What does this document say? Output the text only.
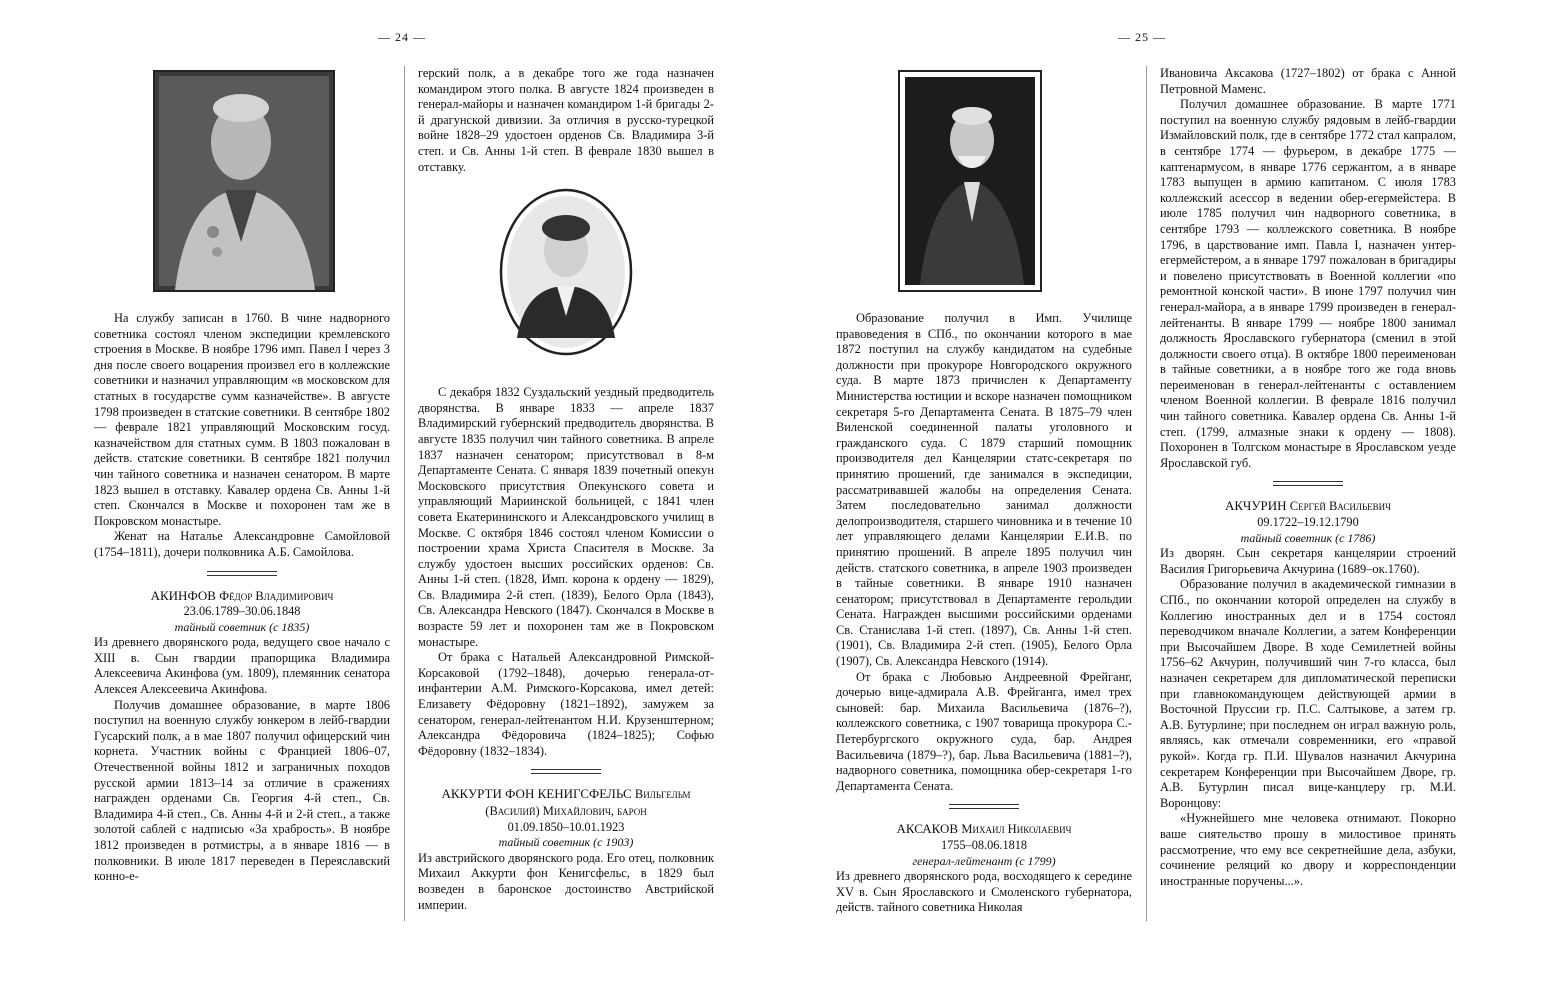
— 24 —	— 25 —

На службу записан в 1760. В чине надворного советника состоял членом экспедиции кремлевского строения в Москве. В ноябре 1796 имп. Павел I через 3 дня после своего воцарения произвел его в коллежские советники и назначил управляющим «в московском для статных в государстве сумм казначействе». В августе 1798 произведен в статские советники. В сентябре 1802 — феврале 1821 управляющий Московским госуд. казначейством для статных сумм. В 1803 пожалован в действ. статские советники. В сентябре 1821 получил чин тайного советника и назначен сенатором. В марте 1823 вышел в отставку. Кавалер ордена Св. Анны 1-й степ. Скончался в Москве и похоронен там же в Покровском монастыре.

Женат на Наталье Александровне Самойловой (1754–1811), дочери полковника А.Б. Самойлова.

АКИНФОВ Фёдор Владимирович
23.06.1789–30.06.1848
тайный советник (с 1835)

Из древнего дворянского рода, ведущего свое начало с XIII в. Сын гвардии прапорщика Владимира Алексеевича Акинфова (ум. 1809), племянник сенатора Алексея Алексеевича Акинфова.

Получив домашнее образование, в марте 1806 поступил на военную службу юнкером в лейб-гвардии Гусарский полк, а в мае 1807 получил офицерский чин корнета. Участник войны с Францией 1806–07, Отечественной войны 1812 и заграничных походов русской армии 1813–14 за отличие в сражениях награжден орденами Св. Георгия 4-й степ., Св. Владимира 4-й степ., Св. Анны 4-й и 2-й степ., а также золотой саблей с надписью «За храбрость». В ноябре 1812 произведен в ротмистры, а в январе 1816 — в полковники. В июле 1817 переведен в Переяславский конно-е-

герский полк, а в декабре того же года назначен командиром этого полка. В августе 1824 произведен в генерал-майоры и назначен командиром 1-й бригады 2-й драгунской дивизии. За отличия в русско-турецкой войне 1828–29 удостоен орденов Св. Владимира 3-й степ. и Св. Анны 1-й степ. В феврале 1830 вышел в отставку.

С декабря 1832 Суздальский уездный предводитель дворянства. В январе 1833 — апреле 1837 Владимирский губернский предводитель дворянства. В августе 1835 получил чин тайного советника. В апреле 1837 назначен сенатором; присутствовал в 8-м Департаменте Сената. С января 1839 почетный опекун Московского присутствия Опекунского совета и управляющий Мариинской больницей, с 1841 член совета Екатерининского и Александровского училищ в Москве. С октября 1846 состоял членом Комиссии о построении храма Христа Спасителя в Москве. За службу удостоен высших российских орденов: Св. Анны 1-й степ. (1828, Имп. корона к ордену — 1829), Св. Владимира 2-й степ. (1839), Белого Орла (1843), Св. Александра Невского (1847). Скончался в Москве в возрасте 59 лет и похоронен там же в Покровском монастыре.

От брака с Натальей Александровной Римской-Корсаковой (1792–1848), дочерью генерала-от-инфантерии А.М. Римского-Корсакова, имел детей: Елизавету Фёдоровну (1821–1892), замужем за сенатором, генерал-лейтенантом Н.И. Крузенштерном; Александра Фёдоровича (1824–1825); Софью Фёдоровну (1832–1834).

АККУРТИ ФОН КЕНИГСФЕЛЬС Вильгельм
(Василий) Михайлович, барон
01.09.1850–10.01.1923
тайный советник (с 1903)

Из австрийского дворянского рода. Его отец, полковник Михаил Аккурти фон Кенигсфельс, в 1829 был возведен в баронское достоинство Австрийской империи.

Образование получил в Имп. Училище правоведения в СПб., по окончании которого в мае 1872 поступил на службу кандидатом на судебные должности при прокуроре Новгородского окружного суда. В марте 1873 причислен к Департаменту Министерства юстиции и вскоре назначен помощником секретаря 5-го Департамента Сената. В 1875–79 член Виленской соединенной палаты уголовного и гражданского суда. С 1879 старший помощник производителя дел Канцелярии статс-секретаря по принятию прошений, где занимался в экспедиции, рассматривавшей жалобы на определения Сената. Затем последовательно занимал должности делопроизводителя, старшего чиновника и в течение 10 лет управляющего делами Канцелярии Е.И.В. по принятию прошений. В апреле 1895 получил чин действ. статского советника, в апреле 1903 произведен в тайные советники. В январе 1910 назначен сенатором; присутствовал в Департаменте герольдии Сената. Награжден высшими российскими орденами Св. Станислава 1-й степ. (1897), Св. Анны 1-й степ. (1901), Св. Владимира 2-й степ. (1905), Белого Орла (1907), Св. Александра Невского (1914).

От брака с Любовью Андреевной Фрейганг, дочерью вице-адмирала А.В. Фрейганга, имел трех сыновей: бар. Михаила Васильевича (1876–?), коллежского советника, с 1907 товарища прокурора С.-Петербургского окружного суда, бар. Андрея Васильевича (1879–?), бар. Льва Васильевича (1881–?), надворного советника, помощника обер-секретаря 1-го Департамента Сената.

АКСАКОВ Михаил Николаевич
1755–08.06.1818
генерал-лейтенант (с 1799)

Из древнего дворянского рода, восходящего к середине XV в. Сын Ярославского и Смоленского губернатора, действ. тайного советника Николая

Ивановича Аксакова (1727–1802) от брака с Анной Петровной Маменс.

Получил домашнее образование. В марте 1771 поступил на военную службу рядовым в лейб-гвардии Измайловский полк, где в сентябре 1772 стал капралом, в сентябре 1774 — фурьером, в декабре 1775 — каптенармусом, в январе 1776 сержантом, а в январе 1783 выпущен в армию капитаном. С июля 1783 коллежский асессор в ведении обер-егермейстера. В июле 1785 получил чин надворного советника, в сентябре 1793 — коллежского советника. В ноябре 1796, в царствование имп. Павла I, назначен унтер-егермейстером, а в январе 1797 пожалован в бригадиры и повелено присутствовать в Военной коллегии «по ремонтной конской части». В июне 1797 получил чин генерал-майора, а в январе 1799 произведен в генерал-лейтенанты. В январе 1799 — ноябре 1800 занимал должность Ярославского губернатора (сменил в этой должности своего отца). В октябре 1800 переименован в тайные советники, а в ноябре того же года вновь переименован в генерал-лейтенанты с оставлением членом Военной коллегии. В феврале 1816 получил чин тайного советника. Кавалер ордена Св. Анны 1-й степ. (1799, алмазные знаки к ордену — 1808). Похоронен в Толгском монастыре в Ярославском уезде Ярославской губ.

АКЧУРИН Сергей Васильевич
09.1722–19.12.1790
тайный советник (с 1786)

Из дворян. Сын секретаря канцелярии строений Василия Григорьевича Акчурина (1689–ок.1760).

Образование получил в академической гимназии в СПб., по окончании которой определен на службу в Коллегию иностранных дел и в 1754 состоял переводчиком вначале Коллегии, а затем Конференции при Высочайшем Дворе. В ходе Семилетней войны 1756–62 Акчурин, получивший чин 7-го класса, был назначен секретарем для дипломатической переписки при главнокомандующем действующей армии в Восточной Пруссии гр. П.С. Салтыкове, а затем гр. А.В. Бутурлине; при последнем он играл важную роль, являясь, как отмечали современники, его «правой рукой». Когда гр. П.И. Шувалов назначил Акчурина секретарем Конференции при Высочайшем Дворе, гр. А.В. Бутурлин писал вице-канцлеру гр. М.И. Воронцову:

«Нужнейшего мне человека отнимают. Покорно ваше сиятельство прошу в милостивое принять рассмотрение, что ему все секретнейшие дела, азбуки, сочинение реляций ко двору и корреспонденции иностранные поручены...».
